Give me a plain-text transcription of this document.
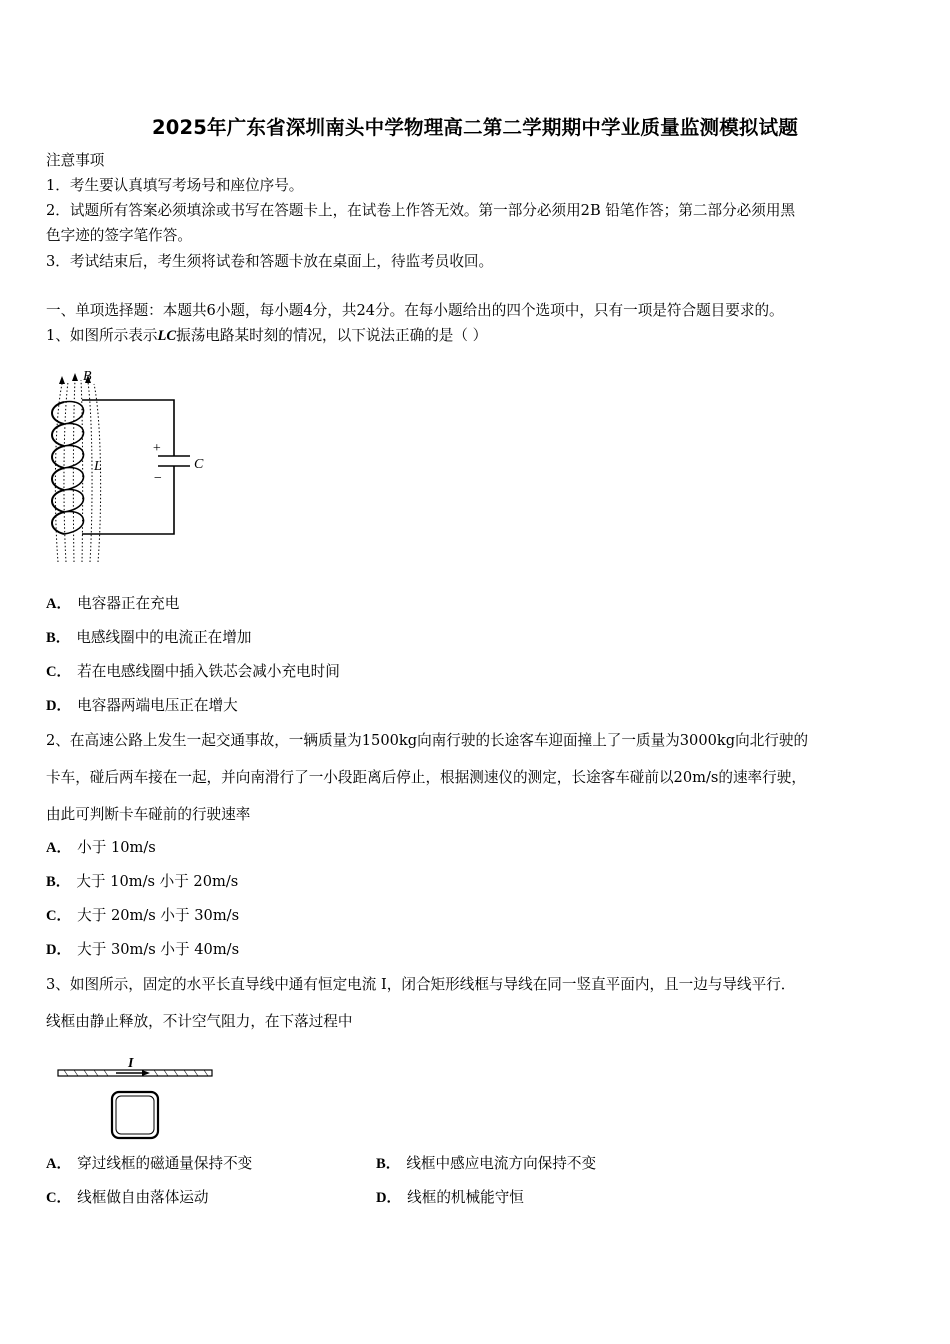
2025年广东省深圳南头中学物理高二第二学期期中学业质量监测模拟试题
注意事项
1．考生要认真填写考场号和座位序号。
2．试题所有答案必须填涂或书写在答题卡上，在试卷上作答无效。第一部分必须用2B 铅笔作答；第二部分必须用黑
色字迹的签字笔作答。
3．考试结束后，考生须将试卷和答题卡放在桌面上，待监考员收回。
一、单项选择题：本题共6小题，每小题4分，共24分。在每小题给出的四个选项中，只有一项是符合题目要求的。
1、如图所示表示LC振荡电路某时刻的情况，以下说法正确的是（ ）
B
L
+
−
C
A． 电容器正在充电
B． 电感线圈中的电流正在增加
C． 若在电感线圈中插入铁芯会减小充电时间
D． 电容器两端电压正在增大
2、在高速公路上发生一起交通事故，一辆质量为1500kg向南行驶的长途客车迎面撞上了一质量为3000kg向北行驶的
卡车，碰后两车接在一起，并向南滑行了一小段距离后停止，根据测速仪的测定，长途客车碰前以20m/s的速率行驶，
由此可判断卡车碰前的行驶速率
A． 小于 10m/s
B． 大于 10m/s 小于 20m/s
C． 大于 20m/s 小于 30m/s
D． 大于 30m/s 小于 40m/s
3、如图所示，固定的水平长直导线中通有恒定电流 I，闭合矩形线框与导线在同一竖直平面内，且一边与导线平行．
线框由静止释放，不计空气阻力，在下落过程中
I
A． 穿过线框的磁通量保持不变	B． 线框中感应电流方向保持不变
C． 线框做自由落体运动	D． 线框的机械能守恒
